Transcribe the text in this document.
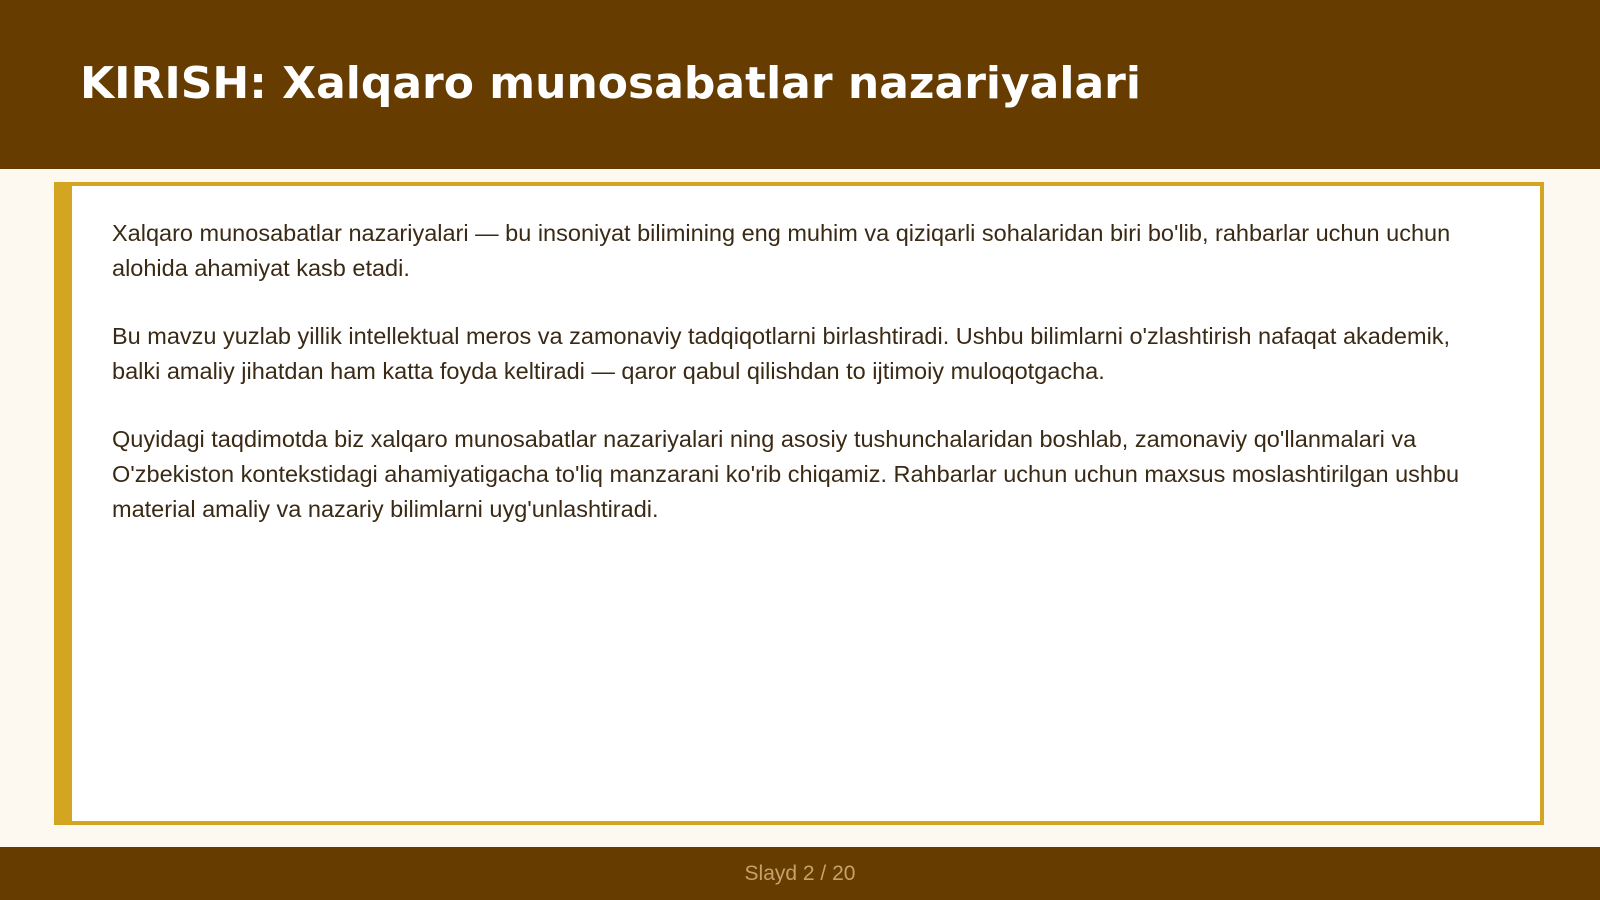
KIRISH: Xalqaro munosabatlar nazariyalari

Xalqaro munosabatlar nazariyalari — bu insoniyat bilimining eng muhim va qiziqarli sohalaridan biri bo'lib, rahbarlar uchun uchun alohida ahamiyat kasb etadi.

Bu mavzu yuzlab yillik intellektual meros va zamonaviy tadqiqotlarni birlashtiradi. Ushbu bilimlarni o'zlashtirish nafaqat akademik, balki amaliy jihatdan ham katta foyda keltiradi — qaror qabul qilishdan to ijtimoiy muloqotgacha.

Quyidagi taqdimotda biz xalqaro munosabatlar nazariyalari ning asosiy tushunchalaridan boshlab, zamonaviy qo'llanmalari va O'zbekiston kontekstidagi ahamiyatigacha to'liq manzarani ko'rib chiqamiz. Rahbarlar uchun uchun maxsus moslashtirilgan ushbu material amaliy va nazariy bilimlarni uyg'unlashtiradi.

Slayd 2 / 20
